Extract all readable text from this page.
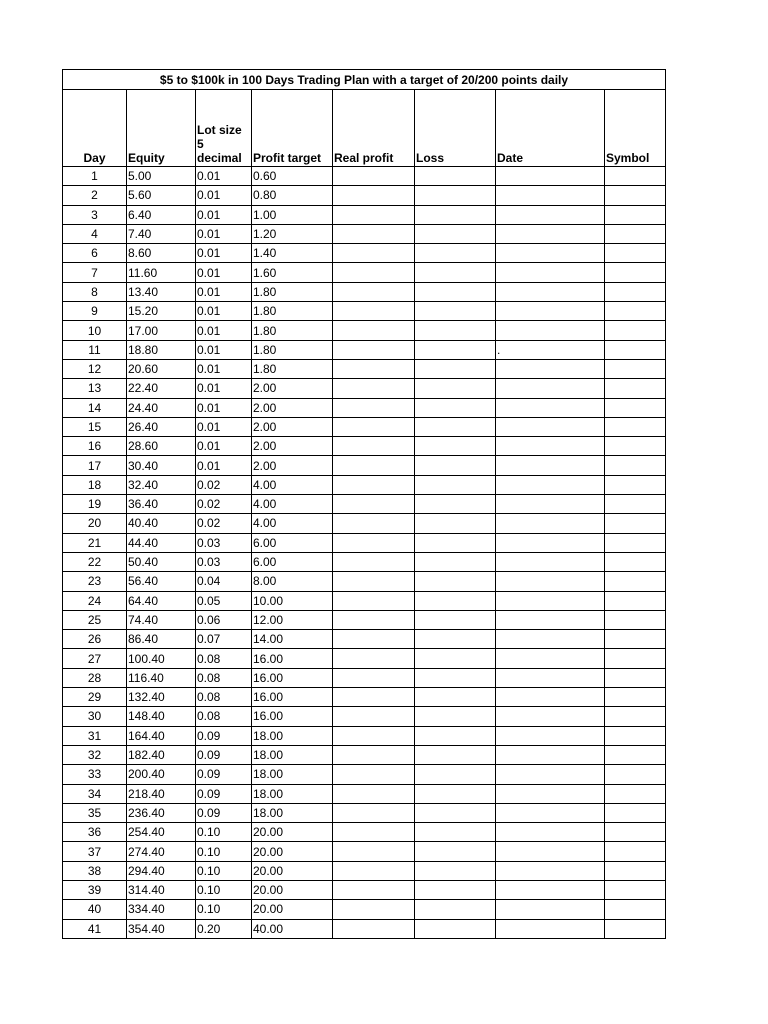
$5 to $100k in 100 Days Trading Plan with a target of 20/200 points daily							
Day	Equity	Lot size 5 decimal	Profit target	Real profit	Loss	Date	Symbol
1	5.00	0.01	0.60				
2	5.60	0.01	0.80				
3	6.40	0.01	1.00				
4	7.40	0.01	1.20				
6	8.60	0.01	1.40				
7	11.60	0.01	1.60				
8	13.40	0.01	1.80				
9	15.20	0.01	1.80				
10	17.00	0.01	1.80				
11	18.80	0.01	1.80			.	
12	20.60	0.01	1.80				
13	22.40	0.01	2.00				
14	24.40	0.01	2.00				
15	26.40	0.01	2.00				
16	28.60	0.01	2.00				
17	30.40	0.01	2.00				
18	32.40	0.02	4.00				
19	36.40	0.02	4.00				
20	40.40	0.02	4.00				
21	44.40	0.03	6.00				
22	50.40	0.03	6.00				
23	56.40	0.04	8.00				
24	64.40	0.05	10.00				
25	74.40	0.06	12.00				
26	86.40	0.07	14.00				
27	100.40	0.08	16.00				
28	116.40	0.08	16.00				
29	132.40	0.08	16.00				
30	148.40	0.08	16.00				
31	164.40	0.09	18.00				
32	182.40	0.09	18.00				
33	200.40	0.09	18.00				
34	218.40	0.09	18.00				
35	236.40	0.09	18.00				
36	254.40	0.10	20.00				
37	274.40	0.10	20.00				
38	294.40	0.10	20.00				
39	314.40	0.10	20.00				
40	334.40	0.10	20.00				
41	354.40	0.20	40.00				
